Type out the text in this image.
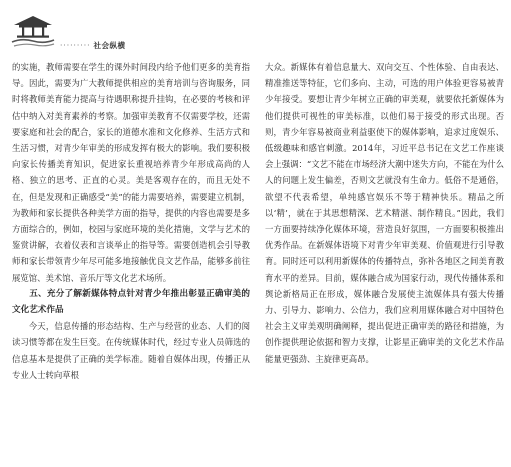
········· 社会纵横

的实施，教师需要在学生的课外时间段内给予他们更多的美育指导。因此，需要为广大教师提供相应的美育培训与咨询服务，同时将教师美育能力提高与待遇职称提升挂钩，在必要的考核和评估中纳入对美育素养的考察。加强审美教育不仅需要学校，还需要家庭和社会的配合，家长的道德水准和文化修养、生活方式和生活习惯，对青少年审美的形成发挥有极大的影响。我们要积极向家长传播美育知识，促进家长重视培养青少年形成高尚的人格、独立的思考、正直的心灵。美是客观存在的，而且无处不在，但是发现和正确感受“美”的能力需要培养，需要建立机制，为教师和家长提供各种美学方面的指导，提供的内容也需要是多方面综合的，例如，校园与家庭环境的美化措施，文学与艺术的鉴赏讲解，衣着仪表和言谈举止的指导等。需要创造机会引导教师和家长带领青少年尽可能多地接触优良文艺作品，能够多前往展览馆、美术馆、音乐厅等文化艺术场所。

五、充分了解新媒体特点针对青少年推出彰显正确审美的文化艺术作品

今天，信息传播的形态结构、生产与经营的业态、人们的阅读习惯等都在发生巨变。在传统媒体时代，经过专业人员筛选的信息基本是提供了正确的美学标准。随着自媒体出现，传播正从专业人士转向草根

大众。新媒体有着信息量大、双向交互、个性体验、自由表达、精准推送等特征，它们多向、主动，可选的用户体验更容易被青少年接受。要想让青少年树立正确的审美观，就要依托新媒体为他们提供可视性的审美标准，以他们易于接受的形式出现。否则，青少年容易被商业利益驱使下的媒体影响，追求过度娱乐、低级趣味和感官刺激。2014年，习近平总书记在文艺工作座谈会上强调：“文艺不能在市场经济大潮中迷失方向，不能在为什么人的问题上发生偏差，否则文艺就没有生命力。低俗不是通俗，欲望不代表希望，单纯感官娱乐不等于精神快乐。精品之所以‘精’，就在于其思想精深、艺术精湛、制作精良。”因此，我们一方面要持续净化媒体环境，营造良好氛围，一方面要积极推出优秀作品。在新媒体语境下对青少年审美观、价值观进行引导教育。同时还可以利用新媒体的传播特点，弥补各地区之间美育教育水平的差异。目前，媒体融合成为国家行动，现代传播体系和舆论新格局正在形成，媒体融合发展使主流媒体具有强大传播力、引导力、影响力、公信力，我们应利用媒体融合对中国特色社会主义审美观明确阐释，提出促进正确审美的路径和措施，为创作提供理论依据和智力支撑，让影星正确审美的文化艺术作品能量更强劲、主旋律更高昂。
